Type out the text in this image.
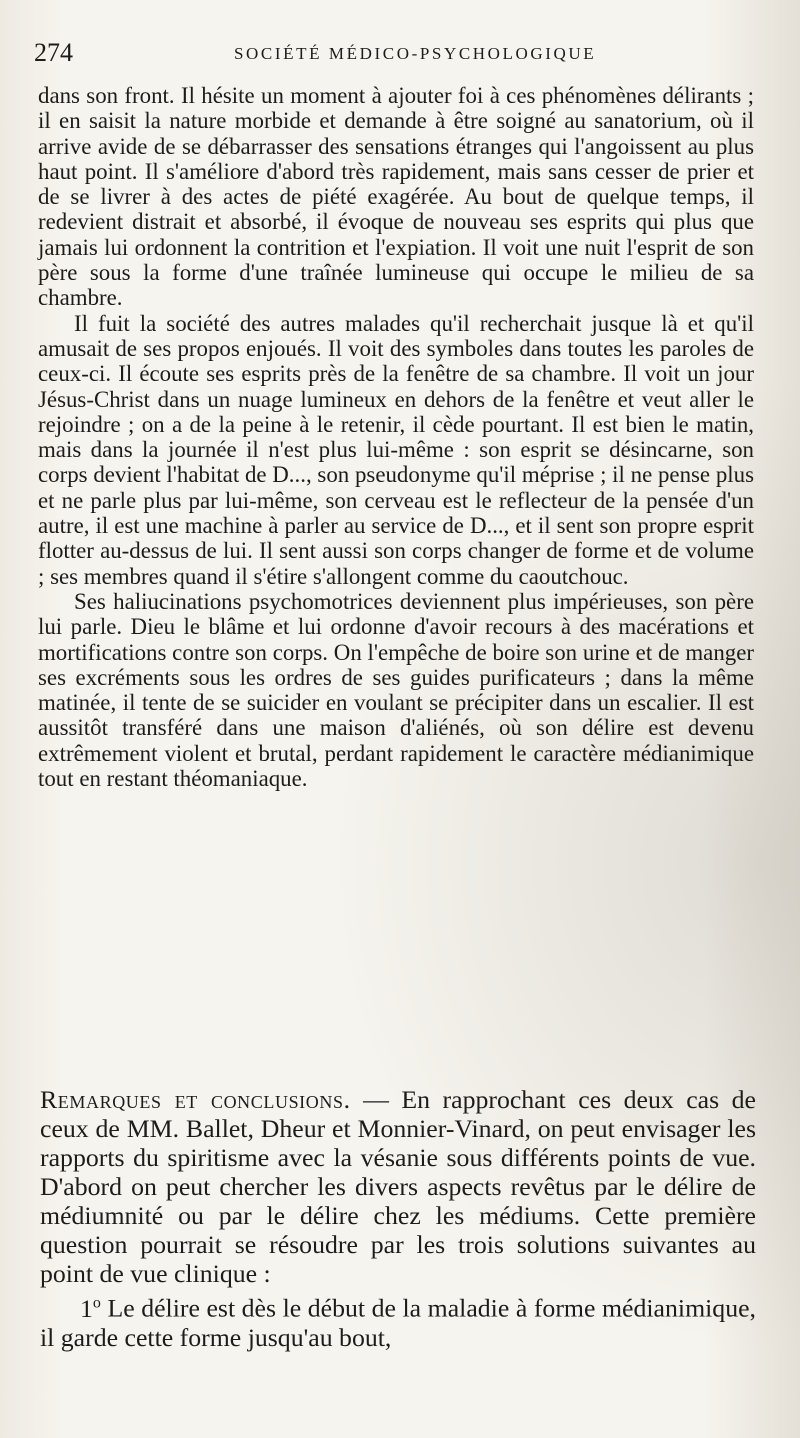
274	SOCIÉTÉ MÉDICO-PSYCHOLOGIQUE

dans son front. Il hésite un moment à ajouter foi à ces phénomènes délirants ; il en saisit la nature morbide et demande à être soigné au sanatorium, où il arrive avide de se débarrasser des sensations étranges qui l'angoissent au plus haut point. Il s'améliore d'abord très rapidement, mais sans cesser de prier et de se livrer à des actes de piété exagérée. Au bout de quelque temps, il redevient distrait et absorbé, il évoque de nouveau ses esprits qui plus que jamais lui ordonnent la contrition et l'expiation. Il voit une nuit l'esprit de son père sous la forme d'une traînée lumineuse qui occupe le milieu de sa chambre.

Il fuit la société des autres malades qu'il recherchait jusque là et qu'il amusait de ses propos enjoués. Il voit des symboles dans toutes les paroles de ceux-ci. Il écoute ses esprits près de la fenêtre de sa chambre. Il voit un jour Jésus-Christ dans un nuage lumineux en dehors de la fenêtre et veut aller le rejoindre ; on a de la peine à le retenir, il cède pourtant. Il est bien le matin, mais dans la journée il n'est plus lui-même : son esprit se désincarne, son corps devient l'habitat de D..., son pseudonyme qu'il méprise ; il ne pense plus et ne parle plus par lui-même, son cerveau est le reflecteur de la pensée d'un autre, il est une machine à parler au service de D..., et il sent son propre esprit flotter au-dessus de lui. Il sent aussi son corps changer de forme et de volume ; ses membres quand il s'étire s'allongent comme du caoutchouc.

Ses haliucinations psychomotrices deviennent plus impérieuses, son père lui parle. Dieu le blâme et lui ordonne d'avoir recours à des macérations et mortifications contre son corps. On l'empêche de boire son urine et de manger ses excréments sous les ordres de ses guides purificateurs ; dans la même matinée, il tente de se suicider en voulant se précipiter dans un escalier. Il est aussitôt transféré dans une maison d'aliénés, où son délire est devenu extrêmement violent et brutal, perdant rapidement le caractère médianimique tout en restant théomaniaque.

Remarques et conclusions. — En rapprochant ces deux cas de ceux de MM. Ballet, Dheur et Monnier-Vinard, on peut envisager les rapports du spiritisme avec la vésanie sous différents points de vue. D'abord on peut chercher les divers aspects revêtus par le délire de médiumnité ou par le délire chez les médiums. Cette première question pourrait se résoudre par les trois solutions suivantes au point de vue clinique :

1$^o$ Le délire est dès le début de la maladie à forme médianimique, il garde cette forme jusqu'au bout,
